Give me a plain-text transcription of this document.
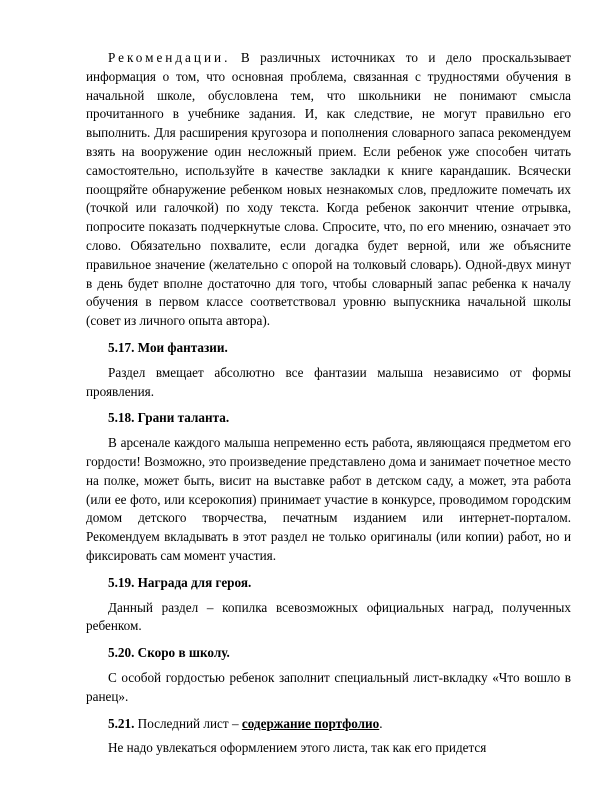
Рекомендации. В различных источниках то и дело проскальзывает информация о том, что основная проблема, связанная с трудностями обучения в начальной школе, обусловлена тем, что школьники не понимают смысла прочитанного в учебнике задания. И, как следствие, не могут правильно его выполнить. Для расширения кругозора и пополнения словарного запаса рекомендуем взять на вооружение один несложный прием. Если ребенок уже способен читать самостоятельно, используйте в качестве закладки к книге карандашик. Всячески поощряйте обнаружение ребенком новых незнакомых слов, предложите помечать их (точкой или галочкой) по ходу текста. Когда ребенок закончит чтение отрывка, попросите показать подчеркнутые слова. Спросите, что, по его мнению, означает это слово. Обязательно похвалите, если догадка будет верной, или же объясните правильное значение (желательно с опорой на толковый словарь). Одной-двух минут в день будет вполне достаточно для того, чтобы словарный запас ребенка к началу обучения в первом классе соответствовал уровню выпускника начальной школы (совет из личного опыта автора).

5.17. Мои фантазии.

Раздел вмещает абсолютно все фантазии малыша независимо от формы проявления.

5.18. Грани таланта.

В арсенале каждого малыша непременно есть работа, являющаяся предметом его гордости! Возможно, это произведение представлено дома и занимает почетное место на полке, может быть, висит на выставке работ в детском саду, а может, эта работа (или ее фото, или ксерокопия) принимает участие в конкурсе, проводимом городским домом детского творчества, печатным изданием или интернет-порталом. Рекомендуем вкладывать в этот раздел не только оригиналы (или копии) работ, но и фиксировать сам момент участия.

5.19. Награда для героя.

Данный раздел – копилка всевозможных официальных наград, полученных ребенком.

5.20. Скоро в школу.

С особой гордостью ребенок заполнит специальный лист-вкладку «Что вошло в ранец».

5.21. Последний лист – содержание портфолио.

Не надо увлекаться оформлением этого листа, так как его придется
